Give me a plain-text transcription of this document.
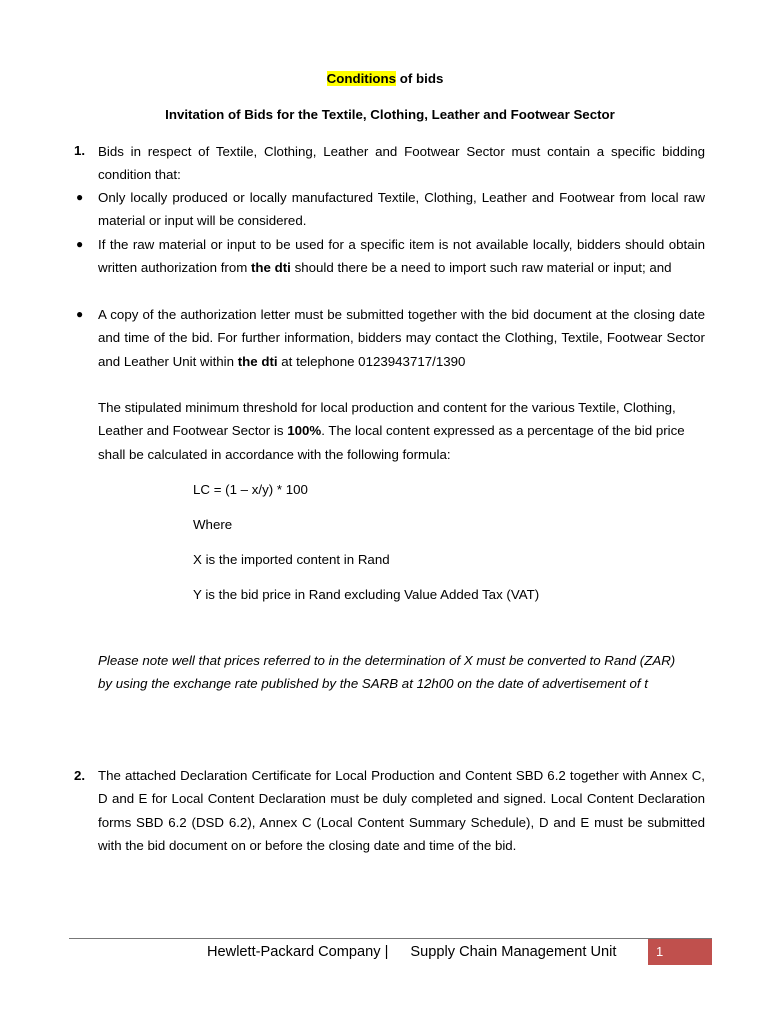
Conditions of bids
Invitation of Bids for the Textile, Clothing, Leather and Footwear Sector
1. Bids in respect of Textile, Clothing, Leather and Footwear Sector must contain a specific bidding condition that:
● Only locally produced or locally manufactured Textile, Clothing, Leather and Footwear from local raw material or input will be considered.
● If the raw material or input to be used for a specific item is not available locally, bidders should obtain written authorization from the dti should there be a need to import such raw material or input; and
● A copy of the authorization letter must be submitted together with the bid document at the closing date and time of the bid. For further information, bidders may contact the Clothing, Textile, Footwear Sector and Leather Unit within the dti at telephone 0123943717/1390
The stipulated minimum threshold for local production and content for the various Textile, Clothing, Leather and Footwear Sector is 100%. The local content expressed as a percentage of the bid price shall be calculated in accordance with the following formula:
LC = (1 – x/y) * 100
Where
X is the imported content in Rand
Y is the bid price in Rand excluding Value Added Tax (VAT)
Please note well that prices referred to in the determination of X must be converted to Rand (ZAR) by using the exchange rate published by the SARB at 12h00 on the date of advertisement of t
2. The attached Declaration Certificate for Local Production and Content SBD 6.2 together with Annex C, D and E for Local Content Declaration must be duly completed and signed. Local Content Declaration forms SBD 6.2 (DSD 6.2), Annex C (Local Content Summary Schedule), D and E must be submitted with the bid document on or before the closing date and time of the bid.
Hewlett-Packard Company | Supply Chain Management Unit	1
